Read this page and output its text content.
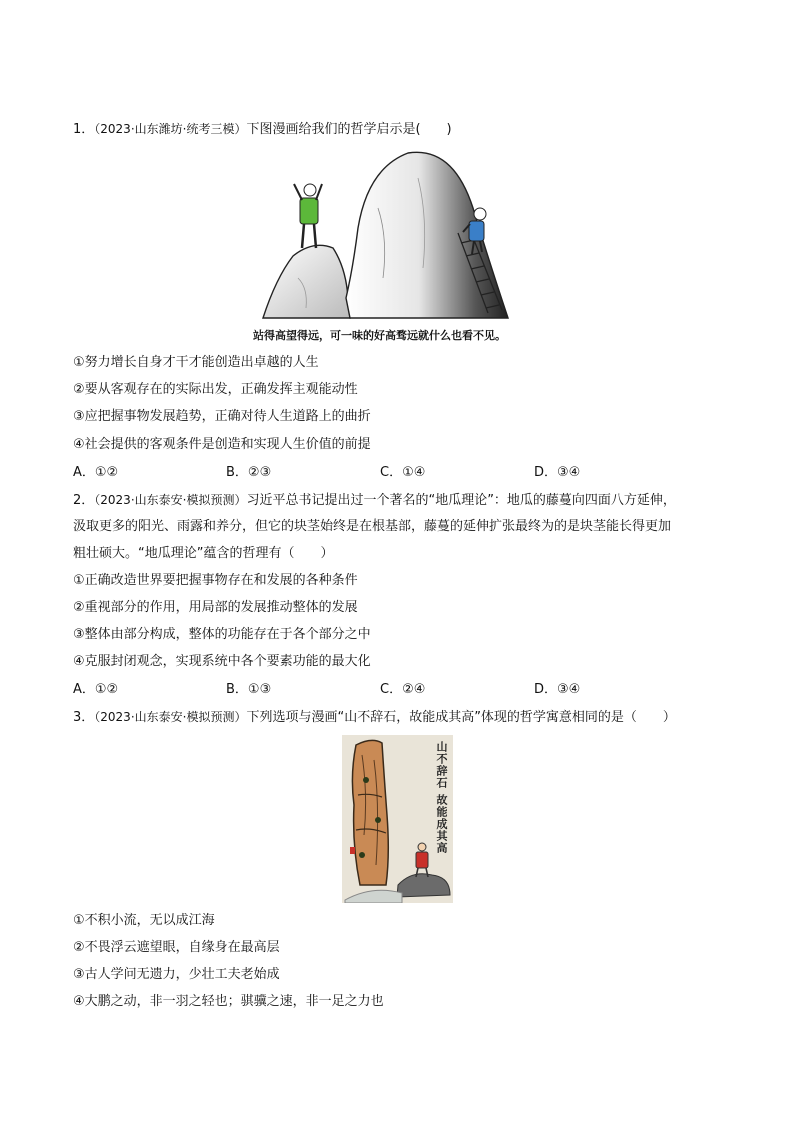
1．（2023·山东潍坊·统考三模）下图漫画给我们的哲学启示是(　　)
站得高望得远，可一味的好高骛远就什么也看不见。
①努力增长自身才干才能创造出卓越的人生
②要从客观存在的实际出发，正确发挥主观能动性
③应把握事物发展趋势，正确对待人生道路上的曲折
④社会提供的客观条件是创造和实现人生价值的前提
A．①②	B．②③	C．①④	D．③④
2．（2023·山东泰安·模拟预测）习近平总书记提出过一个著名的“地瓜理论”：地瓜的藤蔓向四面八方延伸，
汲取更多的阳光、雨露和养分，但它的块茎始终是在根基部，藤蔓的延伸扩张最终为的是块茎能长得更加
粗壮硕大。“地瓜理论”蕴含的哲理有（　　）
①正确改造世界要把握事物存在和发展的各种条件
②重视部分的作用，用局部的发展推动整体的发展
③整体由部分构成，整体的功能存在于各个部分之中
④克服封闭观念，实现系统中各个要素功能的最大化
A．①②	B．①③	C．②④	D．③④
3．（2023·山东泰安·模拟预测）下列选项与漫画“山不辞石，故能成其高”体现的哲学寓意相同的是（　　）
山不辞石 故能成其高
①不积小流，无以成江海
②不畏浮云遮望眼，自缘身在最高层
③古人学问无遗力，少壮工夫老始成
④大鹏之动，非一羽之轻也；骐骥之速，非一足之力也
